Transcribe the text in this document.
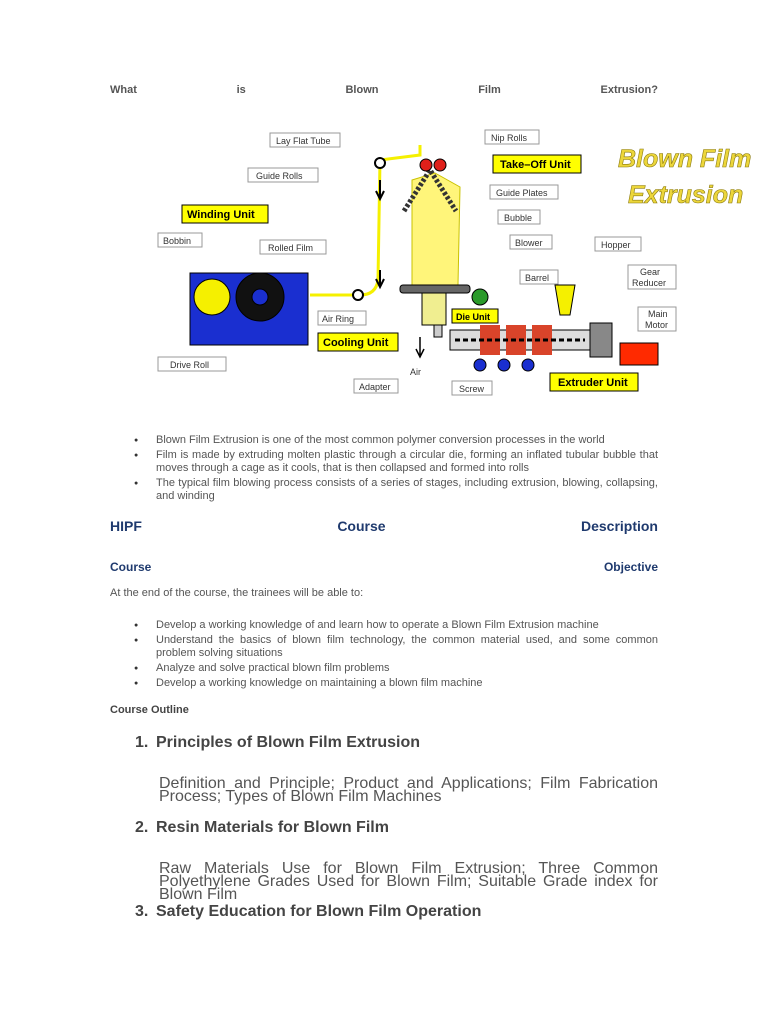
What	is	Blown	Film	Extrusion?
Blown Film
Extrusion
Lay Flat Tube	Nip Rolls
Take–Off Unit
Guide Rolls
Guide Plates
Winding Unit	Bubble
Bobbin
Rolled Film	Blower	Hopper
Barrel
Gear
Reducer
Air Ring	Die Unit	Main
Motor
Cooling Unit
Drive Roll
Air
Adapter	Screw	Extruder Unit
● Blown Film Extrusion is one of the most common polymer conversion processes in the world
● Film is made by extruding molten plastic through a circular die, forming an inflated tubular bubble that moves through a cage as it cools, that is then collapsed and formed into rolls
● The typical film blowing process consists of a series of stages, including extrusion, blowing, collapsing, and winding
HIPF	Course	Description
Course	Objective
At the end of the course, the trainees will be able to:
● Develop a working knowledge of and learn how to operate a Blown Film Extrusion machine
● Understand the basics of blown film technology, the common material used, and some common problem solving situations
● Analyze and solve practical blown film problems
● Develop a working knowledge on maintaining a blown film machine
Course Outline
1. Principles of Blown Film Extrusion
Definition and Principle; Product and Applications; Film Fabrication Process; Types of Blown Film Machines
2. Resin Materials for Blown Film
Raw Materials Use for Blown Film Extrusion; Three Common Polyethylene Grades Used for Blown Film; Suitable Grade index for Blown Film
3. Safety Education for Blown Film Operation
